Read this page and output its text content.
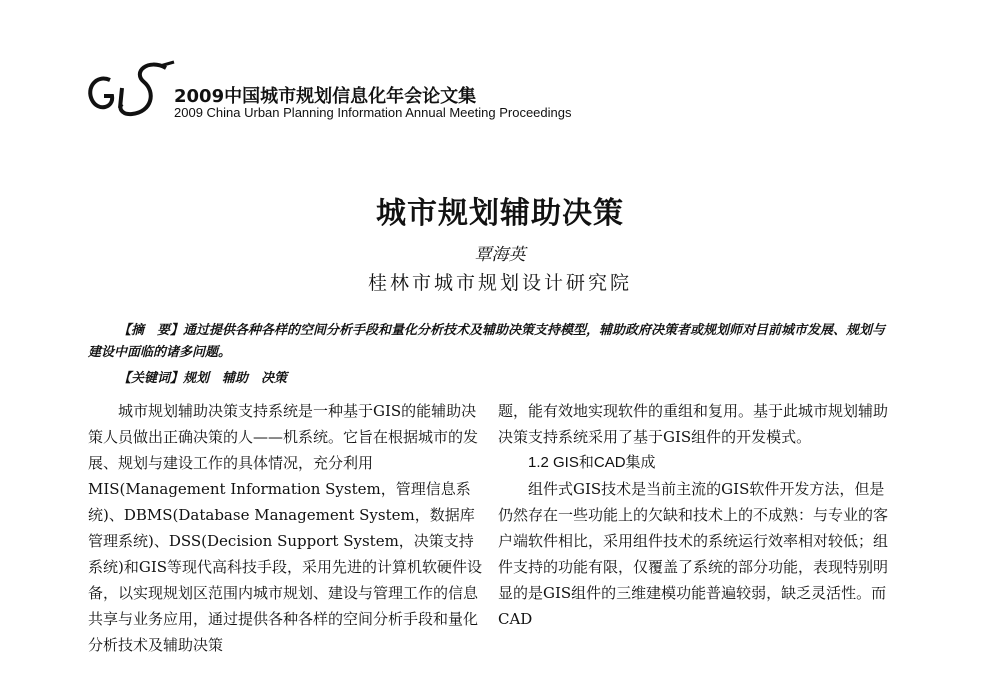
GIS
2009中国城市规划信息化年会论文集
2009 China Urban Planning Information Annual Meeting Proceedings
城市规划辅助决策
覃海英
桂林市城市规划设计研究院

【摘　要】通过提供各种各样的空间分析手段和量化分析技术及辅助决策支持模型，辅助政府决策者或规划师对目前城市发展、规划与建设中面临的诸多问题。

【关键词】规划　辅助　决策

城市规划辅助决策支持系统是一种基于GIS的能辅助决策人员做出正确决策的人——机系统。它旨在根据城市的发展、规划与建设工作的具体情况，充分利用MIS(Management Information System，管理信息系统)、DBMS(Database Management System，数据库管理系统)、DSS(Decision Support System，决策支持系统)和GIS等现代高科技手段，采用先进的计算机软硬件设备，以实现规划区范围内城市规划、建设与管理工作的信息共享与业务应用，通过提供各种各样的空间分析手段和量化分析技术及辅助决策

题，能有效地实现软件的重组和复用。基于此城市规划辅助决策支持系统采用了基于GIS组件的开发模式。

1.2 GIS和CAD集成

组件式GIS技术是当前主流的GIS软件开发方法，但是仍然存在一些功能上的欠缺和技术上的不成熟：与专业的客户端软件相比，采用组件技术的系统运行效率相对较低；组件支持的功能有限，仅覆盖了系统的部分功能，表现特别明显的是GIS组件的三维建模功能普遍较弱，缺乏灵活性。而CAD
